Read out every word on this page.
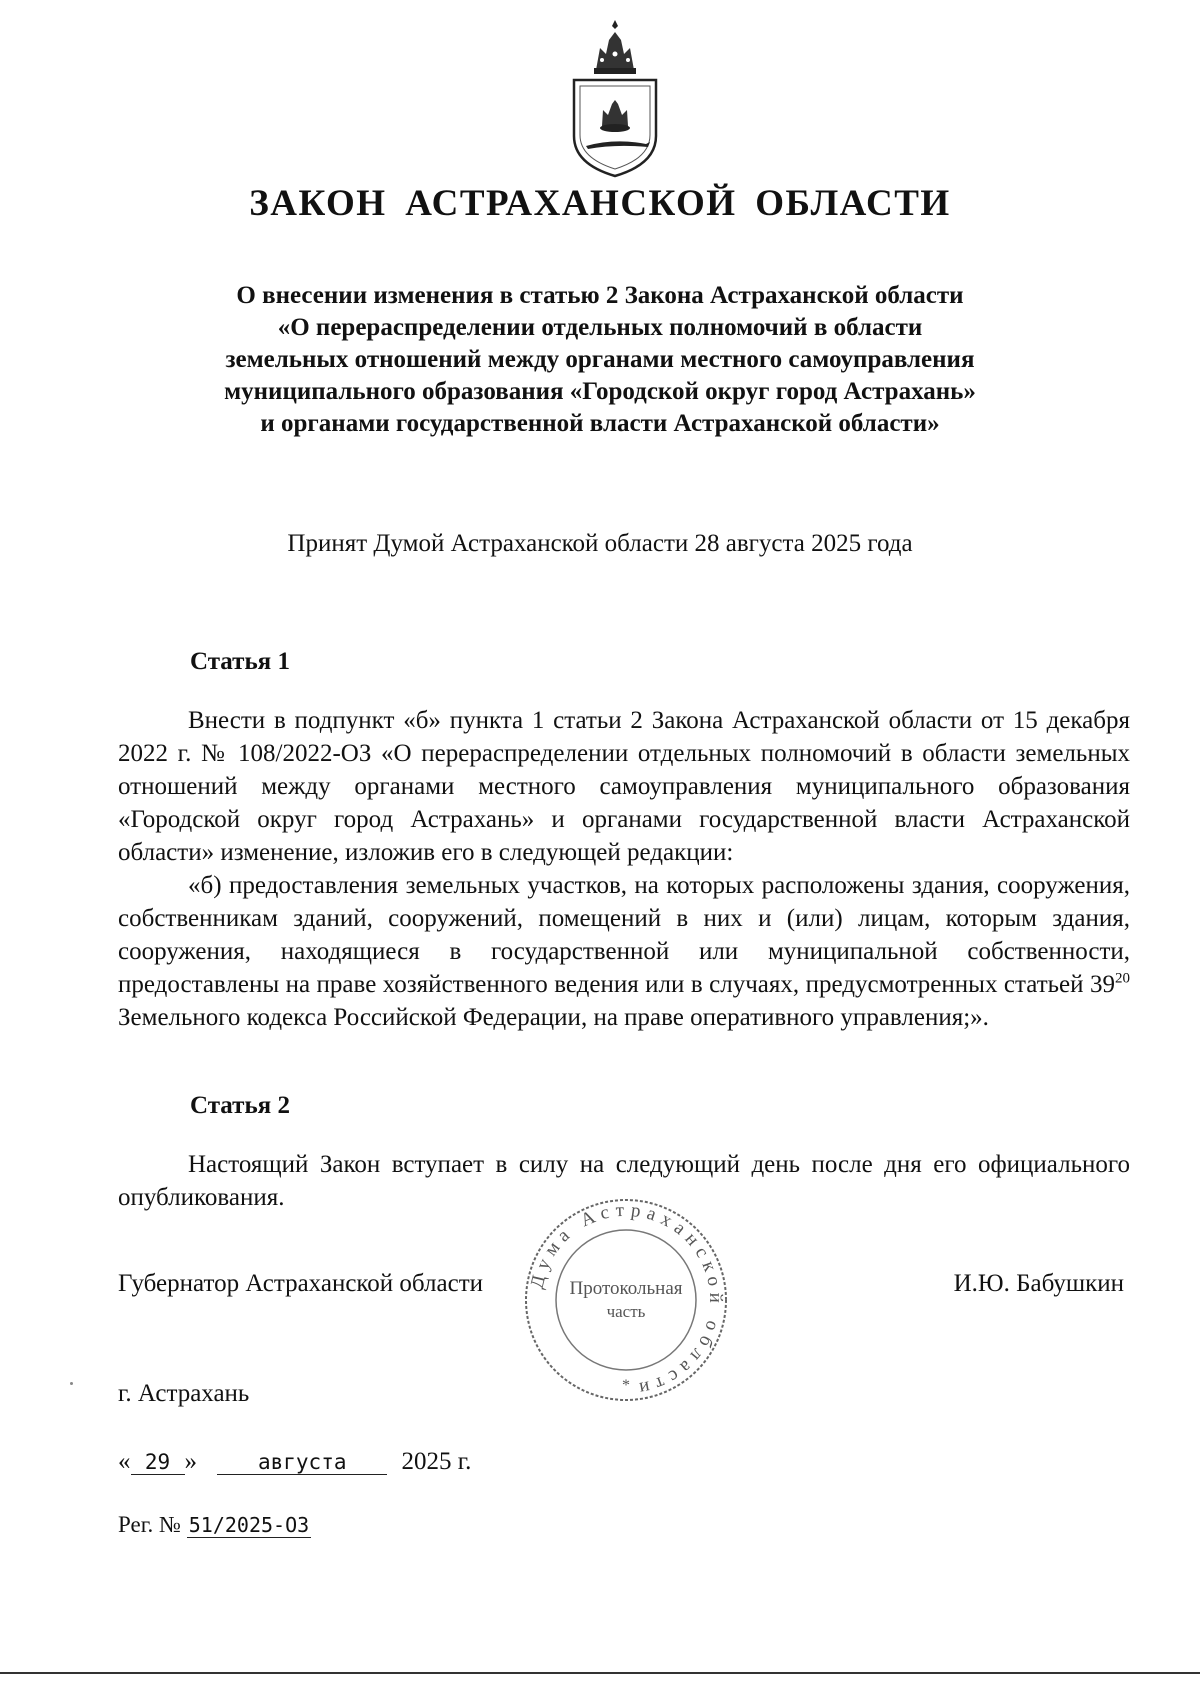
ЗАКОН АСТРАХАНСКОЙ ОБЛАСТИ
О внесении изменения в статью 2 Закона Астраханской области
«О перераспределении отдельных полномочий в области
земельных отношений между органами местного самоуправления
муниципального образования «Городской округ город Астрахань»
и органами государственной власти Астраханской области»
Принят Думой Астраханской области 28 августа 2025 года
Статья 1

Внести в подпункт «б» пункта 1 статьи 2 Закона Астраханской области от 15 декабря 2022 г. № 108/2022-ОЗ «О перераспределении отдельных полномочий в области земельных отношений между органами местного самоуправления муниципального образования «Городской округ город Астрахань» и органами государственной власти Астраханской области» изменение, изложив его в следующей редакции:

«б) предоставления земельных участков, на которых расположены здания, сооружения, собственникам зданий, сооружений, помещений в них и (или) лицам, которым здания, сооружения, находящиеся в государственной или муниципальной собственности, предоставлены на праве хозяйственного ведения или в случаях, предусмотренных статьей $39^{20}$ Земельного кодекса Российской Федерации, на праве оперативного управления;».

Статья 2

Настоящий Закон вступает в силу на следующий день после дня его официального опубликования.

Губернатор Астраханской области	И.Ю. Бабушкин
Дума Астраханской области
*
Протокольная
часть
г. Астрахань
« 29 »	августа 2025 г.
Рег. № 51/2025-ОЗ
